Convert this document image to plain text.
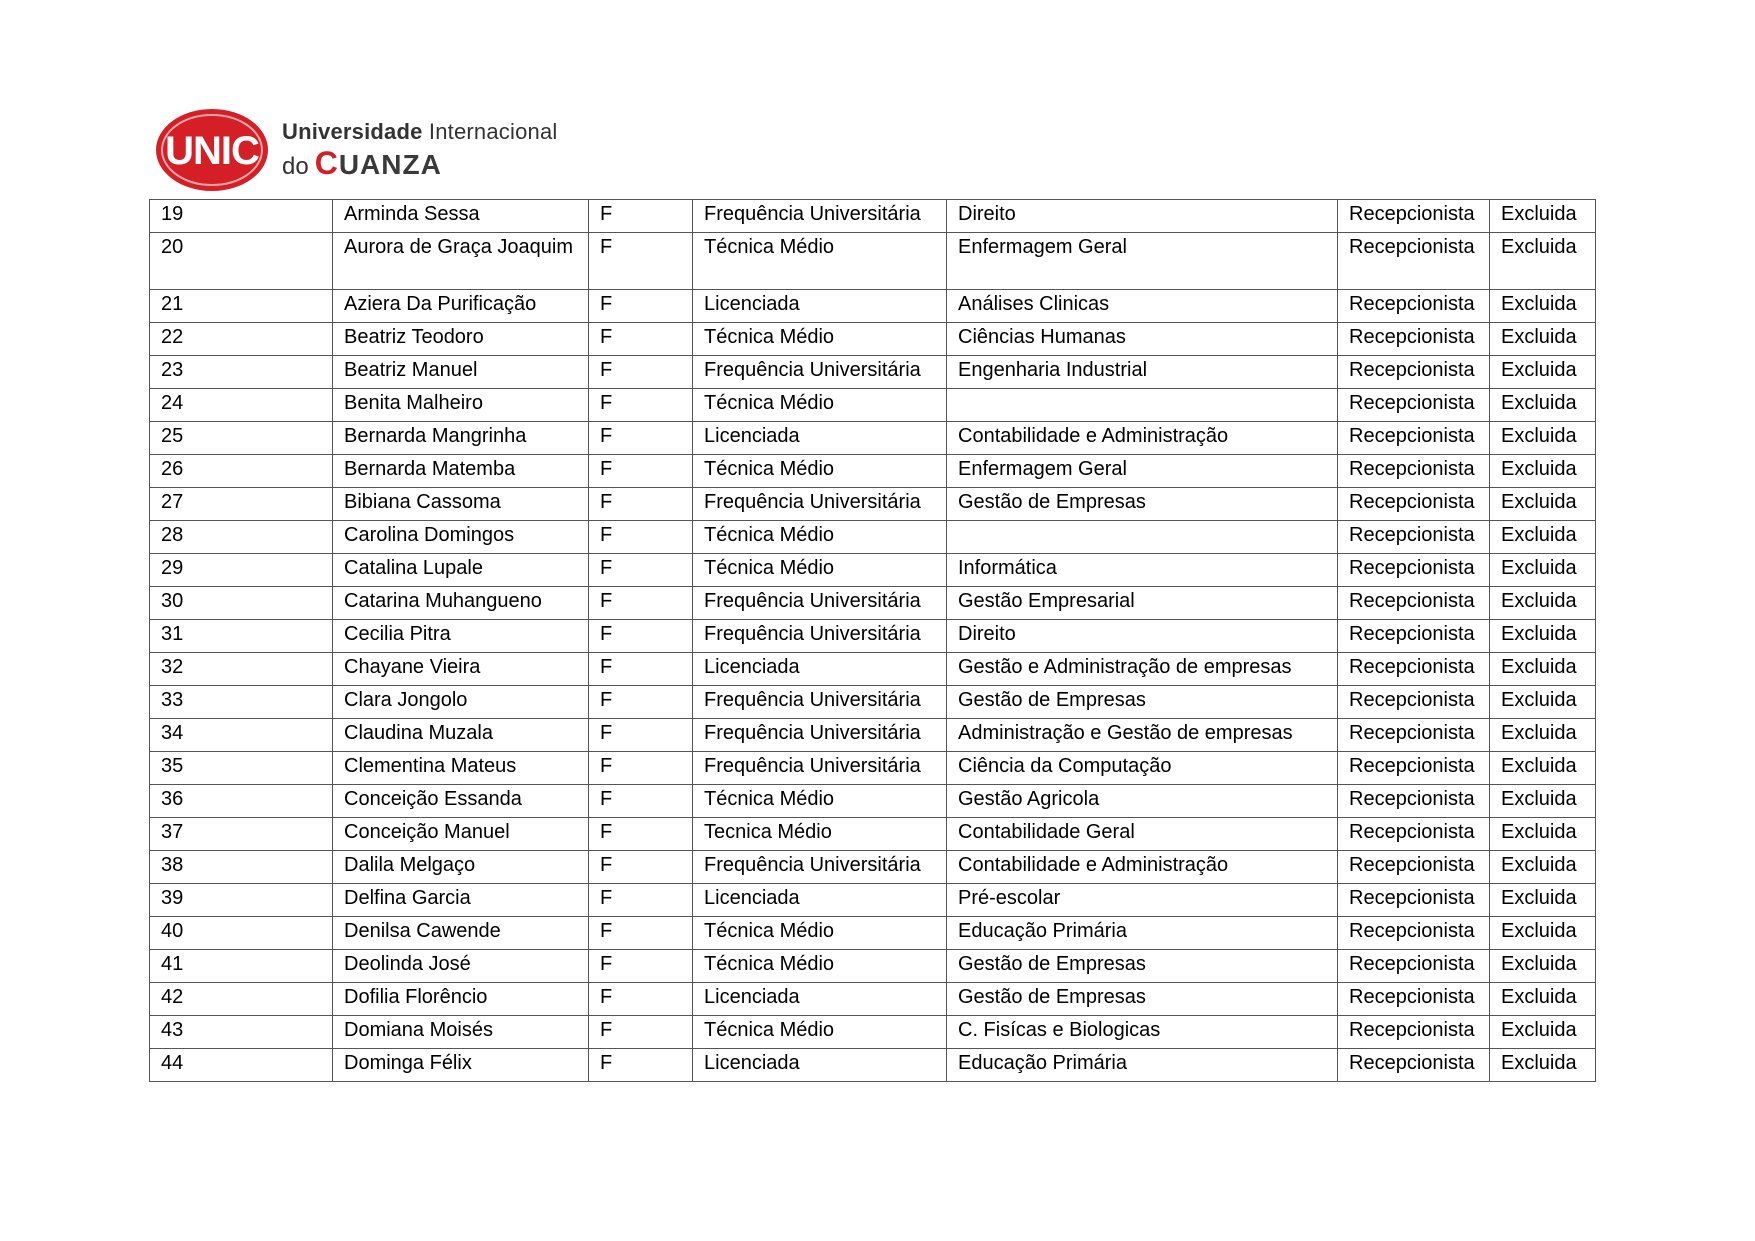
UNIC Universidade Internacional
do CUANZA
19	Arminda Sessa	F	Frequência Universitária	Direito	Recepcionista	Excluida
20	Aurora de Graça Joaquim	F	Técnica Médio	Enfermagem Geral	Recepcionista	Excluida
21	Aziera Da Purificação	F	Licenciada	Análises Clinicas	Recepcionista	Excluida
22	Beatriz Teodoro	F	Técnica Médio	Ciências Humanas	Recepcionista	Excluida
23	Beatriz Manuel	F	Frequência Universitária	Engenharia Industrial	Recepcionista	Excluida
24	Benita Malheiro	F	Técnica Médio		Recepcionista	Excluida
25	Bernarda Mangrinha	F	Licenciada	Contabilidade e Administração	Recepcionista	Excluida
26	Bernarda Matemba	F	Técnica Médio	Enfermagem Geral	Recepcionista	Excluida
27	Bibiana Cassoma	F	Frequência Universitária	Gestão de Empresas	Recepcionista	Excluida
28	Carolina Domingos	F	Técnica Médio		Recepcionista	Excluida
29	Catalina Lupale	F	Técnica Médio	Informática	Recepcionista	Excluida
30	Catarina Muhangueno	F	Frequência Universitária	Gestão Empresarial	Recepcionista	Excluida
31	Cecilia Pitra	F	Frequência Universitária	Direito	Recepcionista	Excluida
32	Chayane Vieira	F	Licenciada	Gestão e Administração de empresas	Recepcionista	Excluida
33	Clara Jongolo	F	Frequência Universitária	Gestão de Empresas	Recepcionista	Excluida
34	Claudina Muzala	F	Frequência Universitária	Administração e Gestão de empresas	Recepcionista	Excluida
35	Clementina Mateus	F	Frequência Universitária	Ciência da Computação	Recepcionista	Excluida
36	Conceição Essanda	F	Técnica Médio	Gestão Agricola	Recepcionista	Excluida
37	Conceição Manuel	F	Tecnica Médio	Contabilidade Geral	Recepcionista	Excluida
38	Dalila Melgaço	F	Frequência Universitária	Contabilidade e Administração	Recepcionista	Excluida
39	Delfina Garcia	F	Licenciada	Pré-escolar	Recepcionista	Excluida
40	Denilsa Cawende	F	Técnica Médio	Educação Primária	Recepcionista	Excluida
41	Deolinda José	F	Técnica Médio	Gestão de Empresas	Recepcionista	Excluida
42	Dofilia Florêncio	F	Licenciada	Gestão de Empresas	Recepcionista	Excluida
43	Domiana Moisés	F	Técnica Médio	C. Fisícas e Biologicas	Recepcionista	Excluida
44	Dominga Félix	F	Licenciada	Educação Primária	Recepcionista	Excluida
